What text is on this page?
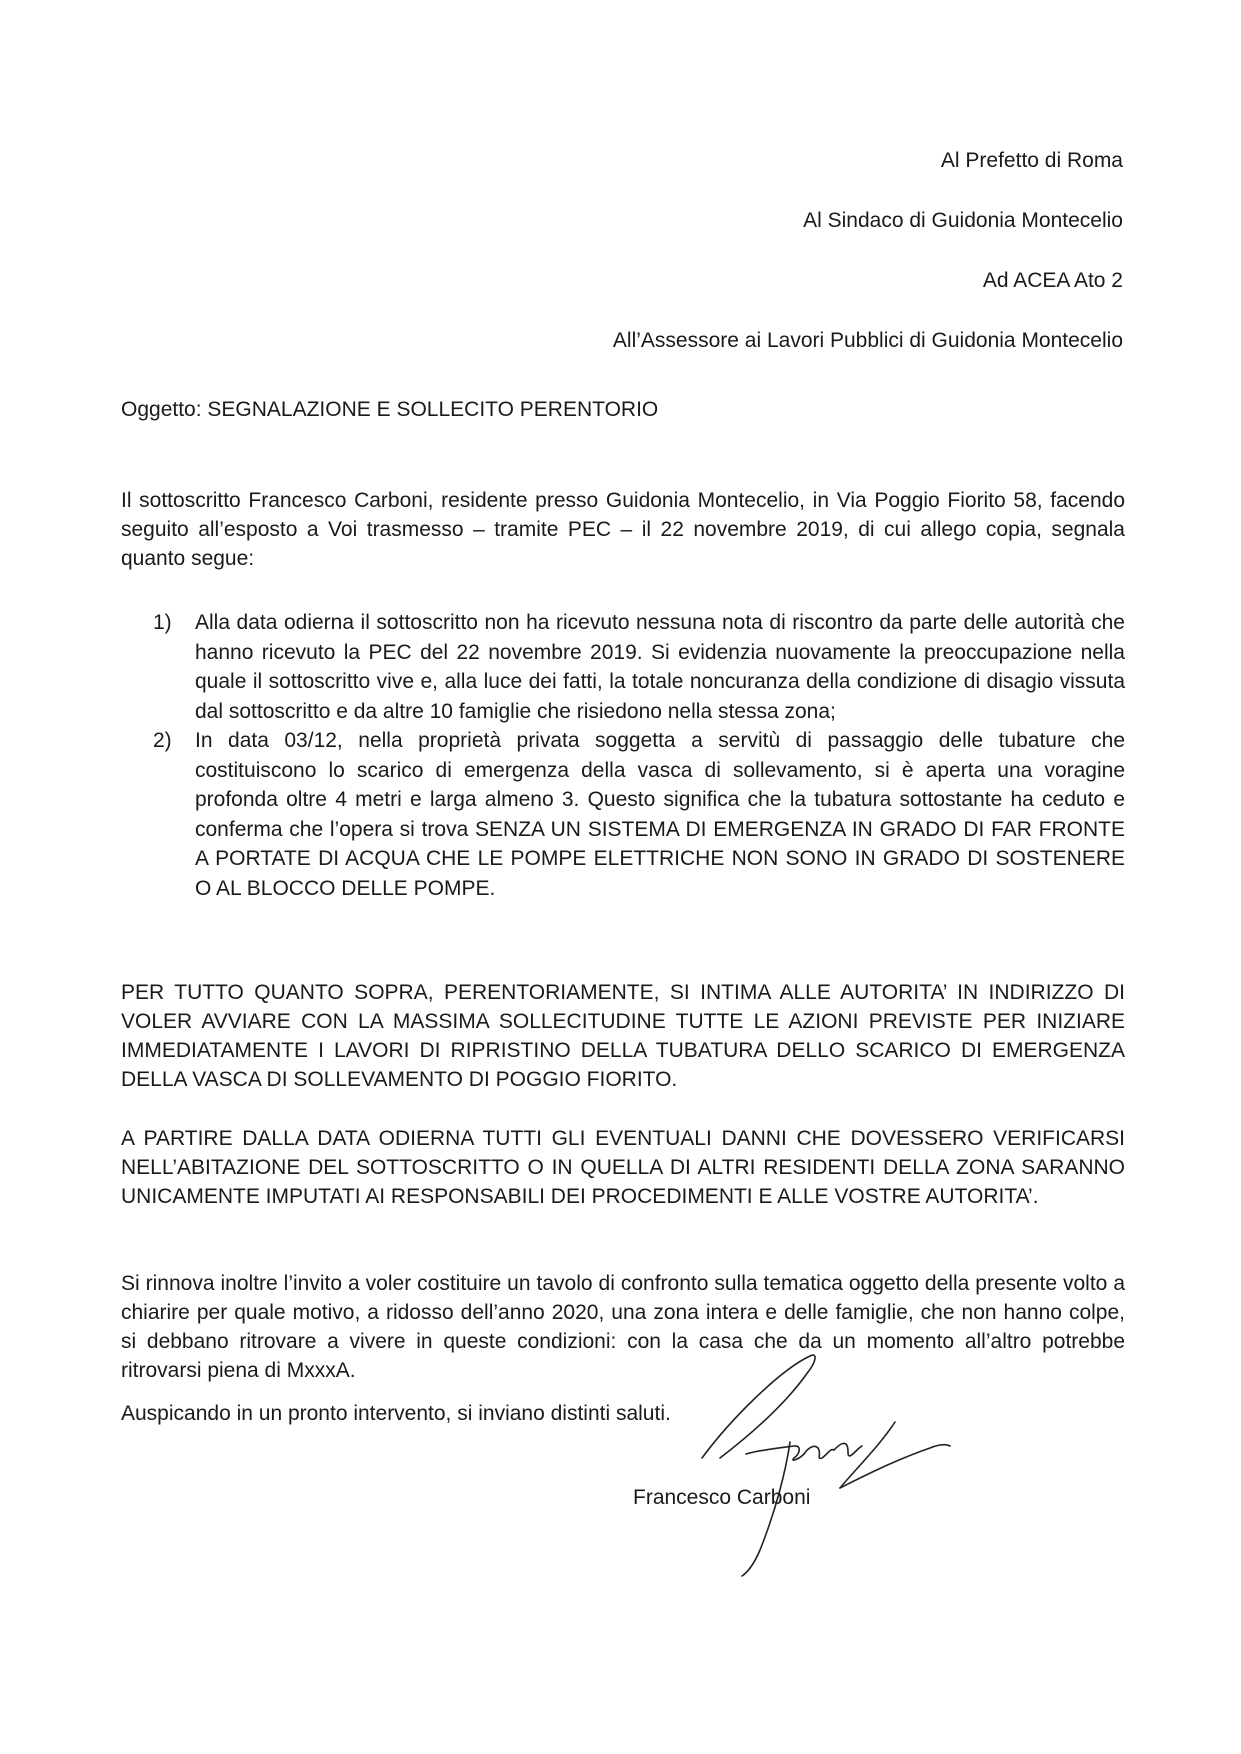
Al Prefetto di Roma
Al Sindaco di Guidonia Montecelio
Ad ACEA Ato 2
All’Assessore ai Lavori Pubblici di Guidonia Montecelio
Oggetto: SEGNALAZIONE E SOLLECITO PERENTORIO
Il sottoscritto Francesco Carboni, residente presso Guidonia Montecelio, in Via Poggio Fiorito 58, facendo seguito all’esposto a Voi trasmesso – tramite PEC – il 22 novembre 2019, di cui allego copia, segnala quanto segue:
1) Alla data odierna il sottoscritto non ha ricevuto nessuna nota di riscontro da parte delle autorità che hanno ricevuto la PEC del 22 novembre 2019. Si evidenzia nuovamente la preoccupazione nella quale il sottoscritto vive e, alla luce dei fatti, la totale noncuranza della condizione di disagio vissuta dal sottoscritto e da altre 10 famiglie che risiedono nella stessa zona;
2) In data 03/12, nella proprietà privata soggetta a servitù di passaggio delle tubature che costituiscono lo scarico di emergenza della vasca di sollevamento, si è aperta una voragine profonda oltre 4 metri e larga almeno 3. Questo significa che la tubatura sottostante ha ceduto e conferma che l’opera si trova SENZA UN SISTEMA DI EMERGENZA IN GRADO DI FAR FRONTE A PORTATE DI ACQUA CHE LE POMPE ELETTRICHE NON SONO IN GRADO DI SOSTENERE O AL BLOCCO DELLE POMPE.
PER TUTTO QUANTO SOPRA, PERENTORIAMENTE, SI INTIMA ALLE AUTORITA’ IN INDIRIZZO DI VOLER AVVIARE CON LA MASSIMA SOLLECITUDINE TUTTE LE AZIONI PREVISTE PER INIZIARE IMMEDIATAMENTE I LAVORI DI RIPRISTINO DELLA TUBATURA DELLO SCARICO DI EMERGENZA DELLA VASCA DI SOLLEVAMENTO DI POGGIO FIORITO.
A PARTIRE DALLA DATA ODIERNA TUTTI GLI EVENTUALI DANNI CHE DOVESSERO VERIFICARSI NELL’ABITAZIONE DEL SOTTOSCRITTO O IN QUELLA DI ALTRI RESIDENTI DELLA ZONA SARANNO UNICAMENTE IMPUTATI AI RESPONSABILI DEI PROCEDIMENTI E ALLE VOSTRE AUTORITA’.
Si rinnova inoltre l’invito a voler costituire un tavolo di confronto sulla tematica oggetto della presente volto a chiarire per quale motivo, a ridosso dell’anno 2020, una zona intera e delle famiglie, che non hanno colpe, si debbano ritrovare a vivere in queste condizioni: con la casa che da un momento all’altro potrebbe ritrovarsi piena di MxxxA.
Auspicando in un pronto intervento, si inviano distinti saluti.
Francesco Carboni
